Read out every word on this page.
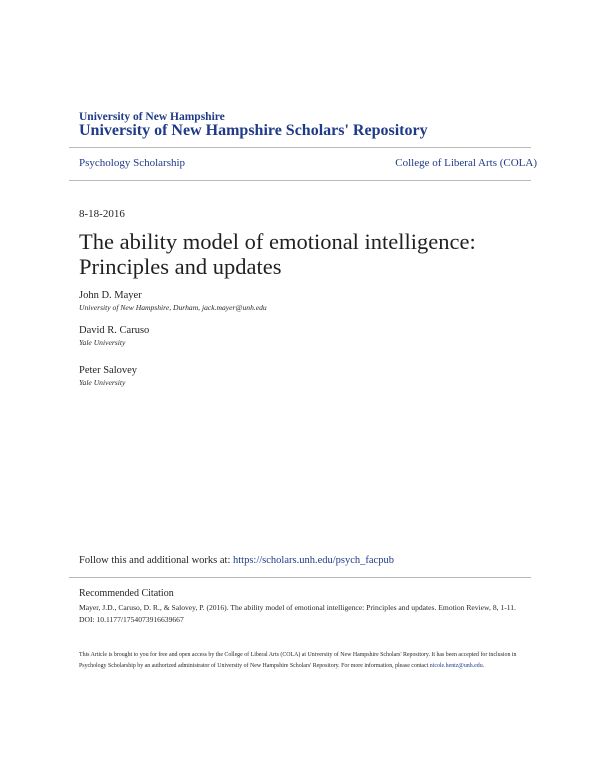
University of New Hampshire
University of New Hampshire Scholars' Repository
Psychology Scholarship	College of Liberal Arts (COLA)
8-18-2016
The ability model of emotional intelligence:
Principles and updates
John D. Mayer
University of New Hampshire, Durham, jack.mayer@unh.edu
David R. Caruso
Yale University
Peter Salovey
Yale University
Follow this and additional works at: https://scholars.unh.edu/psych_facpub
Recommended Citation
Mayer, J.D., Caruso, D. R., & Salovey, P. (2016). The ability model of emotional intelligence: Principles and updates. Emotion Review, 8, 1-11. DOI: 10.1177/1754073916639667
This Article is brought to you for free and open access by the College of Liberal Arts (COLA) at University of New Hampshire Scholars' Repository. It has been accepted for inclusion in Psychology Scholarship by an authorized administrator of University of New Hampshire Scholars' Repository. For more information, please contact nicole.hentz@unh.edu.
